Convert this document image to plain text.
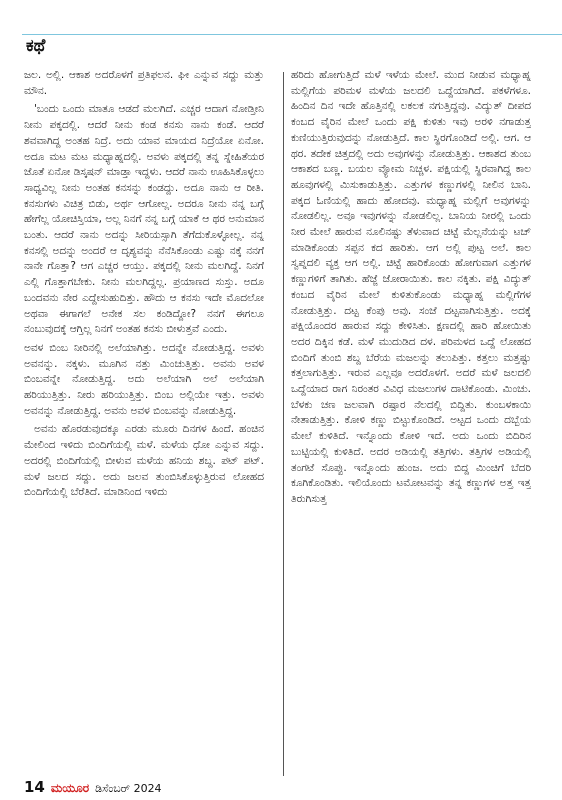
ಕಥೆ

ಜಲ. ಅಲ್ಲಿ. ಆಕಾಶ ಅದರೊಳಗೆ ಪ್ರತಿಫಲನ. ಘೀ ಎನ್ನುವ ಸದ್ದು ಮತ್ತು ಮೌನ.

'ಬಂದು ಒಂದು ಮಾತೂ ಆಡದೆ ಮಲಗಿದೆ. ಎಚ್ಚರ ಆದಾಗ ನೋಡ್ತೀನಿ ನೀನು ಪಕ್ಕದಲ್ಲಿ. ಆದರೆ ನೀನು ಕಂಡ ಕನಸು ನಾನು ಕಂಡೆ. ಆದರೆ ಶವವಾಗಿದ್ದ ಅಂತಹ ನಿದ್ರೆ. ಅದು ಯಾವ ಮಾಯದ ನಿದ್ರೆಯೋ ಏನೋ. ಅದೂ ಮಟ ಮಟ ಮಧ್ಯಾಹ್ನದಲ್ಲಿ. ಅವಳು ಪಕ್ಕದಲ್ಲಿ ತನ್ನ ಸ್ನೇಹಿತೆಯರ ಜೊತೆ ಏನೋ ಡಿಸ್ಕಷನ್ ಮಾಡ್ತಾ ಇದ್ದಳು. ಆದರೆ ನಾನು ಊಹಿಸಿಕೊಳ್ಳಲು ಸಾಧ್ಯವಿಲ್ಲ ನೀನು ಅಂತಹ ಕನಸನ್ನು ಕಂಡದ್ದು. ಅದೂ ನಾನು ಆ ರೀತಿ. ಕನಸುಗಳು ವಿಚಿತ್ರ ಬಿಡು, ಅರ್ಥ ಆಗೋಲ್ಲ. ಅದರೂ ನೀನು ನನ್ನ ಬಗ್ಗೆ ಹೇಗೆಲ್ಲ ಯೋಚಿಸ್ತಿಯಾ, ಅಲ್ಲ ನಿನಗೆ ನನ್ನ ಬಗ್ಗೆ ಯಾಕೆ ಆ ಥರ ಅನುಮಾನ ಬಂತು. ಆದರೆ ನಾನು ಅದನ್ನು ಸೀರಿಯಸ್ಸಾಗಿ ತೆಗೆದುಕೊಳ್ಳೋಲ್ಲ. ನನ್ನ ಕನಸಲ್ಲಿ ಅದನ್ನು ಅಂದರೆ ಆ ದೃಶ್ಯವನ್ನು ನೆನೆಸಿಕೊಂಡು ಎಷ್ಟು ನಕ್ಕೆ ನನಗೆ ನಾನೇ ಗೊತ್ತಾ? ಆಗ ಎಚ್ಚರ ಆಯ್ತು. ಪಕ್ಕದಲ್ಲಿ ನೀನು ಮಲಗಿದ್ದೆ. ನಿನಗೆ ಎಲ್ಲಿ ಗೊತ್ತಾಗಬೇಕು. ನೀನು ಮಲಗಿದ್ದಲ್ಲ. ಪ್ರಯಾಣದ ಸುಸ್ತು. ಅದೂ ಬಂದವನು ನೇರ ಎದ್ದೇಸುಹುದಿತ್ತು. ಹೌದು ಆ ಕನಸು ಇದೇ ಮೊದಲೋ ಅಥವಾ ಈಗಾಗಲೆ ಅನೇಕ ಸಲ ಕಂಡಿದ್ದೋ? ನನಗೆ ಈಗಲೂ ನಂಬುವುದಕ್ಕೆ ಆಗ್ತಿಲ್ಲ ನಿನಗೆ ಅಂತಹ ಕನಸು ಬೀಳುತ್ತವೆ ಎಂದು.

ಅವಳ ಬಿಂಬ ನೀರಿನಲ್ಲಿ ಅಲೆಯಾಗಿತ್ತು. ಅದನ್ನೇ ನೋಡುತ್ತಿದ್ದ. ಅವಳು ಅವನನ್ನು. ನಕ್ಕಳು. ಮೂಗಿನ ನತ್ತು ಮಿಂಚುತ್ತಿತ್ತು. ಅವನು ಅವಳ ಬಿಂಬವನ್ನೇ ನೋಡುತ್ತಿದ್ದ. ಅದು ಅಲೆಯಾಗಿ ಅಲೆ ಅಲೆಯಾಗಿ ಹರಿಯುತ್ತಿತ್ತು. ನೀರು ಹರಿಯುತ್ತಿತ್ತು. ಬಿಂಬ ಅಲ್ಲಿಯೇ ಇತ್ತು. ಅವಳು ಅವನನ್ನು ನೋಡುತ್ತಿದ್ದ. ಅವನು ಅವಳ ಬಿಂಬವನ್ನು ನೋಡುತ್ತಿದ್ದ.

ಅವನು ಹೊರಡುವುದಕ್ಕೂ ಎರಡು ಮೂರು ದಿನಗಳ ಹಿಂದೆ. ಹಂಚಿನ ಮೇಲಿಂದ ಇಳಿದು ಬಿಂದಿಗೆಯಲ್ಲಿ ಮಳೆ. ಮಳೆಯ ಧೋ ಎನ್ನುವ ಸದ್ದು. ಅದರಲ್ಲಿ ಬಿಂದಿಗೆಯಲ್ಲಿ ಬೀಳುವ ಮಳೆಯ ಹನಿಯ ಶಬ್ದ. ಪಟ್ ಪಟ್. ಮಳೆ ಜಲದ ಸದ್ದು. ಅದು ಜಲವ ತುಂಬಿಸಿಕೊಳ್ಳುತ್ತಿರುವ ಲೋಹದ ಬಿಂದಿಗೆಯಲ್ಲಿ ಬೆರೆತಿದೆ. ಮಾಡಿನಿಂದ ಇಳಿದು

ಹರಿದು ಹೋಗುತ್ತಿದೆ ಮಳೆ ಇಳೆಯ ಮೇಲೆ. ಮುದ ನೀಡುವ ಮಧ್ಯಾಹ್ನ ಮಲ್ಲಿಗೆಯ ಪರಿಮಳ ಮಳೆಯ ಜಲದಲಿ ಒದ್ದೆಯಾಗಿದೆ. ಪಕಳೆಗಳೂ. ಹಿಂದಿನ ದಿನ ಇದೇ ಹೊತ್ತಿನಲ್ಲಿ ಲಕಲಕ ನಗುತ್ತಿದ್ದವು. ವಿದ್ಯುತ್ ದೀಪದ ಕಂಬದ ವೈರಿನ ಮೇಲೆ ಒಂದು ಪಕ್ಷಿ ಕುಳಿತು ಇವು ಅರಳಿ ನಗಾಡುತ್ತ ಕುಣಿಯುತ್ತಿರುವುದನ್ನು ನೋಡುತ್ತಿದೆ. ಕಾಲ ಸ್ಥಿರಗೊಂಡಿದೆ ಅಲ್ಲಿ. ಆಗ. ಆ ಥರ. ತದೇಕ ಚಿತ್ತದಲ್ಲಿ ಅದು ಅವುಗಳನ್ನು ನೋಡುತ್ತಿತ್ತು. ಆಕಾಶದ ತುಂಬ ಆಕಾಶದ ಬಣ್ಣ. ಬಯಲ ವ್ಯೋಮ ನಿಚ್ಚಳ. ಪಕ್ಷಿಯಲ್ಲಿ ಸ್ಥಿರವಾಗಿದ್ದ ಕಾಲ ಹೂವುಗಳಲ್ಲಿ ಮಿಸುಕಾಡುತ್ತಿತ್ತು. ಎತ್ತುಗಳ ಕಣ್ಣುಗಳಲ್ಲಿ ನೀಲಿನ ಬಾನಿ. ಪಕ್ಕದ ಓಣಿಯಲ್ಲಿ ಹಾದು ಹೋದವು. ಮಧ್ಯಾಹ್ನ ಮಲ್ಲಿಗೆ ಅವುಗಳನ್ನು ನೋಡಲಿಲ್ಲ. ಅವೂ ಇವುಗಳನ್ನು ನೋಡಲಿಲ್ಲ. ಬಾನಿಯ ನೀರಲ್ಲಿ ಒಂದು ನೀರ ಮೇಲೆ ಹಾರುವ ನೂಲಿನಷ್ಟು ತೆಳುವಾದ ಚಿಟ್ಟೆ ಮೆಲ್ಲನೆಯನ್ನು ಟಚ್ ಮಾಡಿಕೊಂಡು ಸಪ್ಪನ ಕದ ಹಾರಿತು. ಆಗ ಅಲ್ಲಿ ಪುಟ್ಟ ಅಲೆ. ಕಾಲ ಸ್ವಪ್ನದಲಿ ವ್ಯಕ್ತ ಆಗ ಅಲ್ಲಿ. ಚಿಟ್ಟೆ ಹಾರಿಕೊಂಡು ಹೋಗುವಾಗ ಎತ್ತುಗಳ ಕಣ್ಣುಗಳಿಗೆ ತಾಗಿತು. ಹೆಜ್ಜೆ ಜೋರಾಯಿತು. ಕಾಲ ನಕ್ಕಿತು. ಪಕ್ಷಿ ವಿದ್ಯುತ್ ಕಂಬದ ವೈರಿನ ಮೇಲೆ ಕುಳಿತುಕೊಂಡು ಮಧ್ಯಾಹ್ನ ಮಲ್ಲಿಗೆಗಳ ನೋಡುತ್ತಿತ್ತು. ದಟ್ಟ ಕೆಂಪು ಅವು. ಸಂಜೆ ದಟ್ಟವಾಗಿಸುತ್ತಿತ್ತು. ಅದಕ್ಕೆ ಪಕ್ಷಿಯೊಂದರ ಹಾರುವ ಸದ್ದು ಕೇಳಿಸಿತು. ಕ್ಷಣದಲ್ಲಿ ಹಾರಿ ಹೋಯಿತು ಅದರ ದಿಕ್ಕಿನ ಕಡೆ. ಮಳೆ ಮುದುಡಿದ ದಳ. ಪರಿಮಳದ ಒದ್ದೆ ಲೋಹದ ಬಿಂದಿಗೆ ತುಂಬಿ ಶಬ್ದ ಬೆರೆಯ ಮಜಲನ್ನು ತಲುಪಿತ್ತು. ಕತ್ತಲು ಮತ್ತಷ್ಟು ಕತ್ತಲಾಗುತ್ತಿತ್ತು. ಇರುವ ಎಲ್ಲವೂ ಅದರೊಳಗೆ. ಅದರೆ ಮಳೆ ಜಲದಲಿ ಒದ್ದೆಯಾದ ರಾಗ ನಿರಂತರ ವಿವಿಧ ಮಜಲುಗಳ ದಾಟಿಕೊಂಡು. ಮಿಂಚು. ಬೆಳಕು ಚಣ ಜಲವಾಗಿ ರಷ್ಪಾರ ನೆಲದಲ್ಲಿ ಬಿದ್ದಿತು. ಕುಂಬಳಕಾಯಿ ನೇತಾಡುತ್ತಿತ್ತು. ಕೋಳಿ ಕಣ್ಣು ಬಿಟ್ಟುಕೊಂಡಿದೆ. ಅಟ್ಟದ ಒಂದು ದಬ್ಬೆಯ ಮೇಲೆ ಕುಳಿತಿದೆ. ಇನ್ನೊಂದು ಕೋಳಿ ಇದೆ. ಅದು ಒಂದು ಬಿದಿರಿನ ಬುಟ್ಟಿಯಲ್ಲಿ ಕುಳಿತಿದೆ. ಅದರ ಅಡಿಯಲ್ಲಿ ತತ್ತಿಗಳು. ತತ್ತಿಗಳ ಅಡಿಯಲ್ಲಿ ತಂಗಟೆ ಸೊಪ್ಪು. ಇನ್ನೊಂದು ಹುಂಜ. ಅದು ಬಿದ್ದ ಮಿಂಚಿಗೆ ಬೆದರಿ ಕೂಗಿಕೊಂಡಿತು. ಇಲಿಯೊಂದು ಟಮೋಟವನ್ನು ತನ್ನ ಕಣ್ಣುಗಳ ಅತ್ತ ಇತ್ತ ತಿರುಗಿಸುತ್ತ

14 ಮಯೂರ ಡಿಸೆಂಬರ್ 2024
